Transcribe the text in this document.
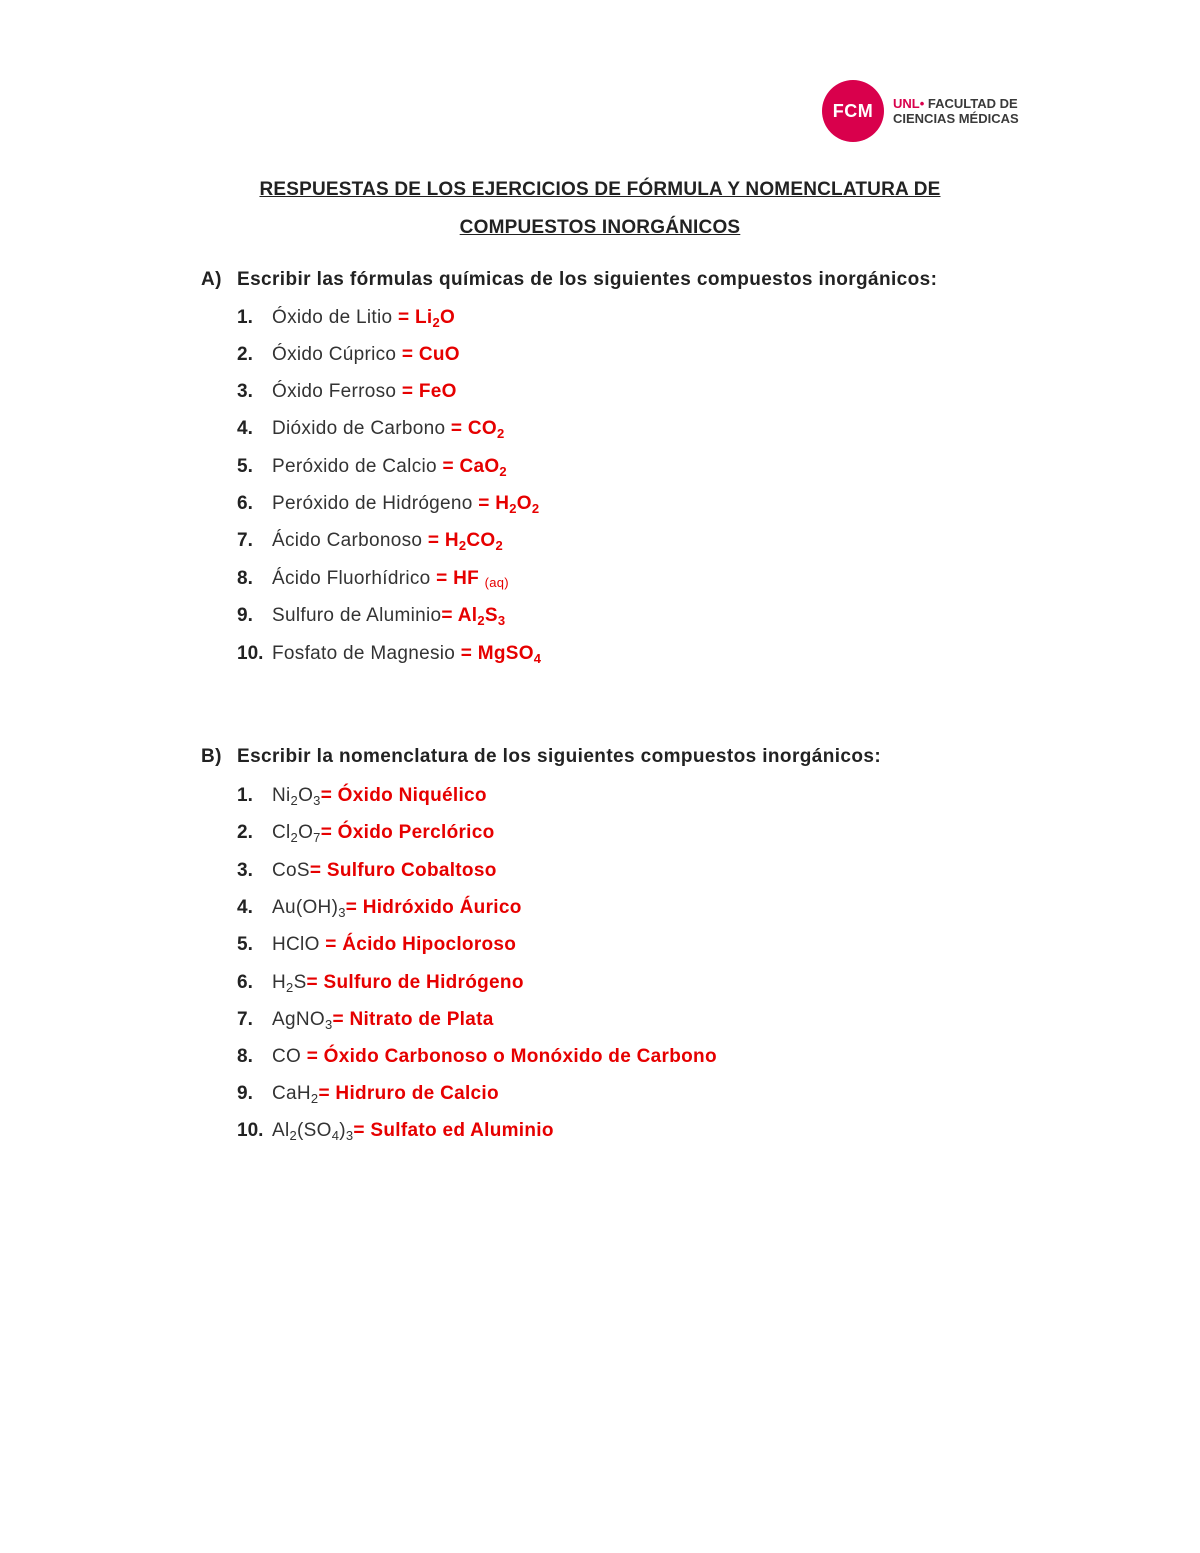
FCM	UNL• FACULTAD DE
CIENCIAS MÉDICAS
RESPUESTAS DE LOS EJERCICIOS DE FÓRMULA Y NOMENCLATURA DE
COMPUESTOS INORGÁNICOS
A) Escribir las fórmulas químicas de los siguientes compuestos inorgánicos:
1. Óxido de Litio = $Li_2O$
2. Óxido Cúprico = CuO
3. Óxido Ferroso = FeO
4. Dióxido de Carbono = $CO_2$
5. Peróxido de Calcio = CaO$_2$
6. Peróxido de Hidrógeno = $H_2O_2$
7. Ácido Carbonoso = $H_2CO_2$
8. Ácido Fluorhídrico = HF (aq)
9. Sulfuro de Aluminio= $Al_2S_3$
10. Fosfato de Magnesio = MgSO$_4$
B) Escribir la nomenclatura de los siguientes compuestos inorgánicos:
1. $Ni_2O_3=$ Óxido Niquélico
2. $Cl_2O_7=$ Óxido Perclórico
3. CoS= Sulfuro Cobaltoso
4. $Au(OH)_3=$ Hidróxido Áurico
5. HClO = Ácido Hipocloroso
6. $H_2S=$ Sulfuro de Hidrógeno
7. AgNO$_3$= Nitrato de Plata
8. CO = Óxido Carbonoso o Monóxido de Carbono
9. CaH$_2$= Hidruro de Calcio
10. $Al_2(SO_4)_3=$ Sulfato ed Aluminio
